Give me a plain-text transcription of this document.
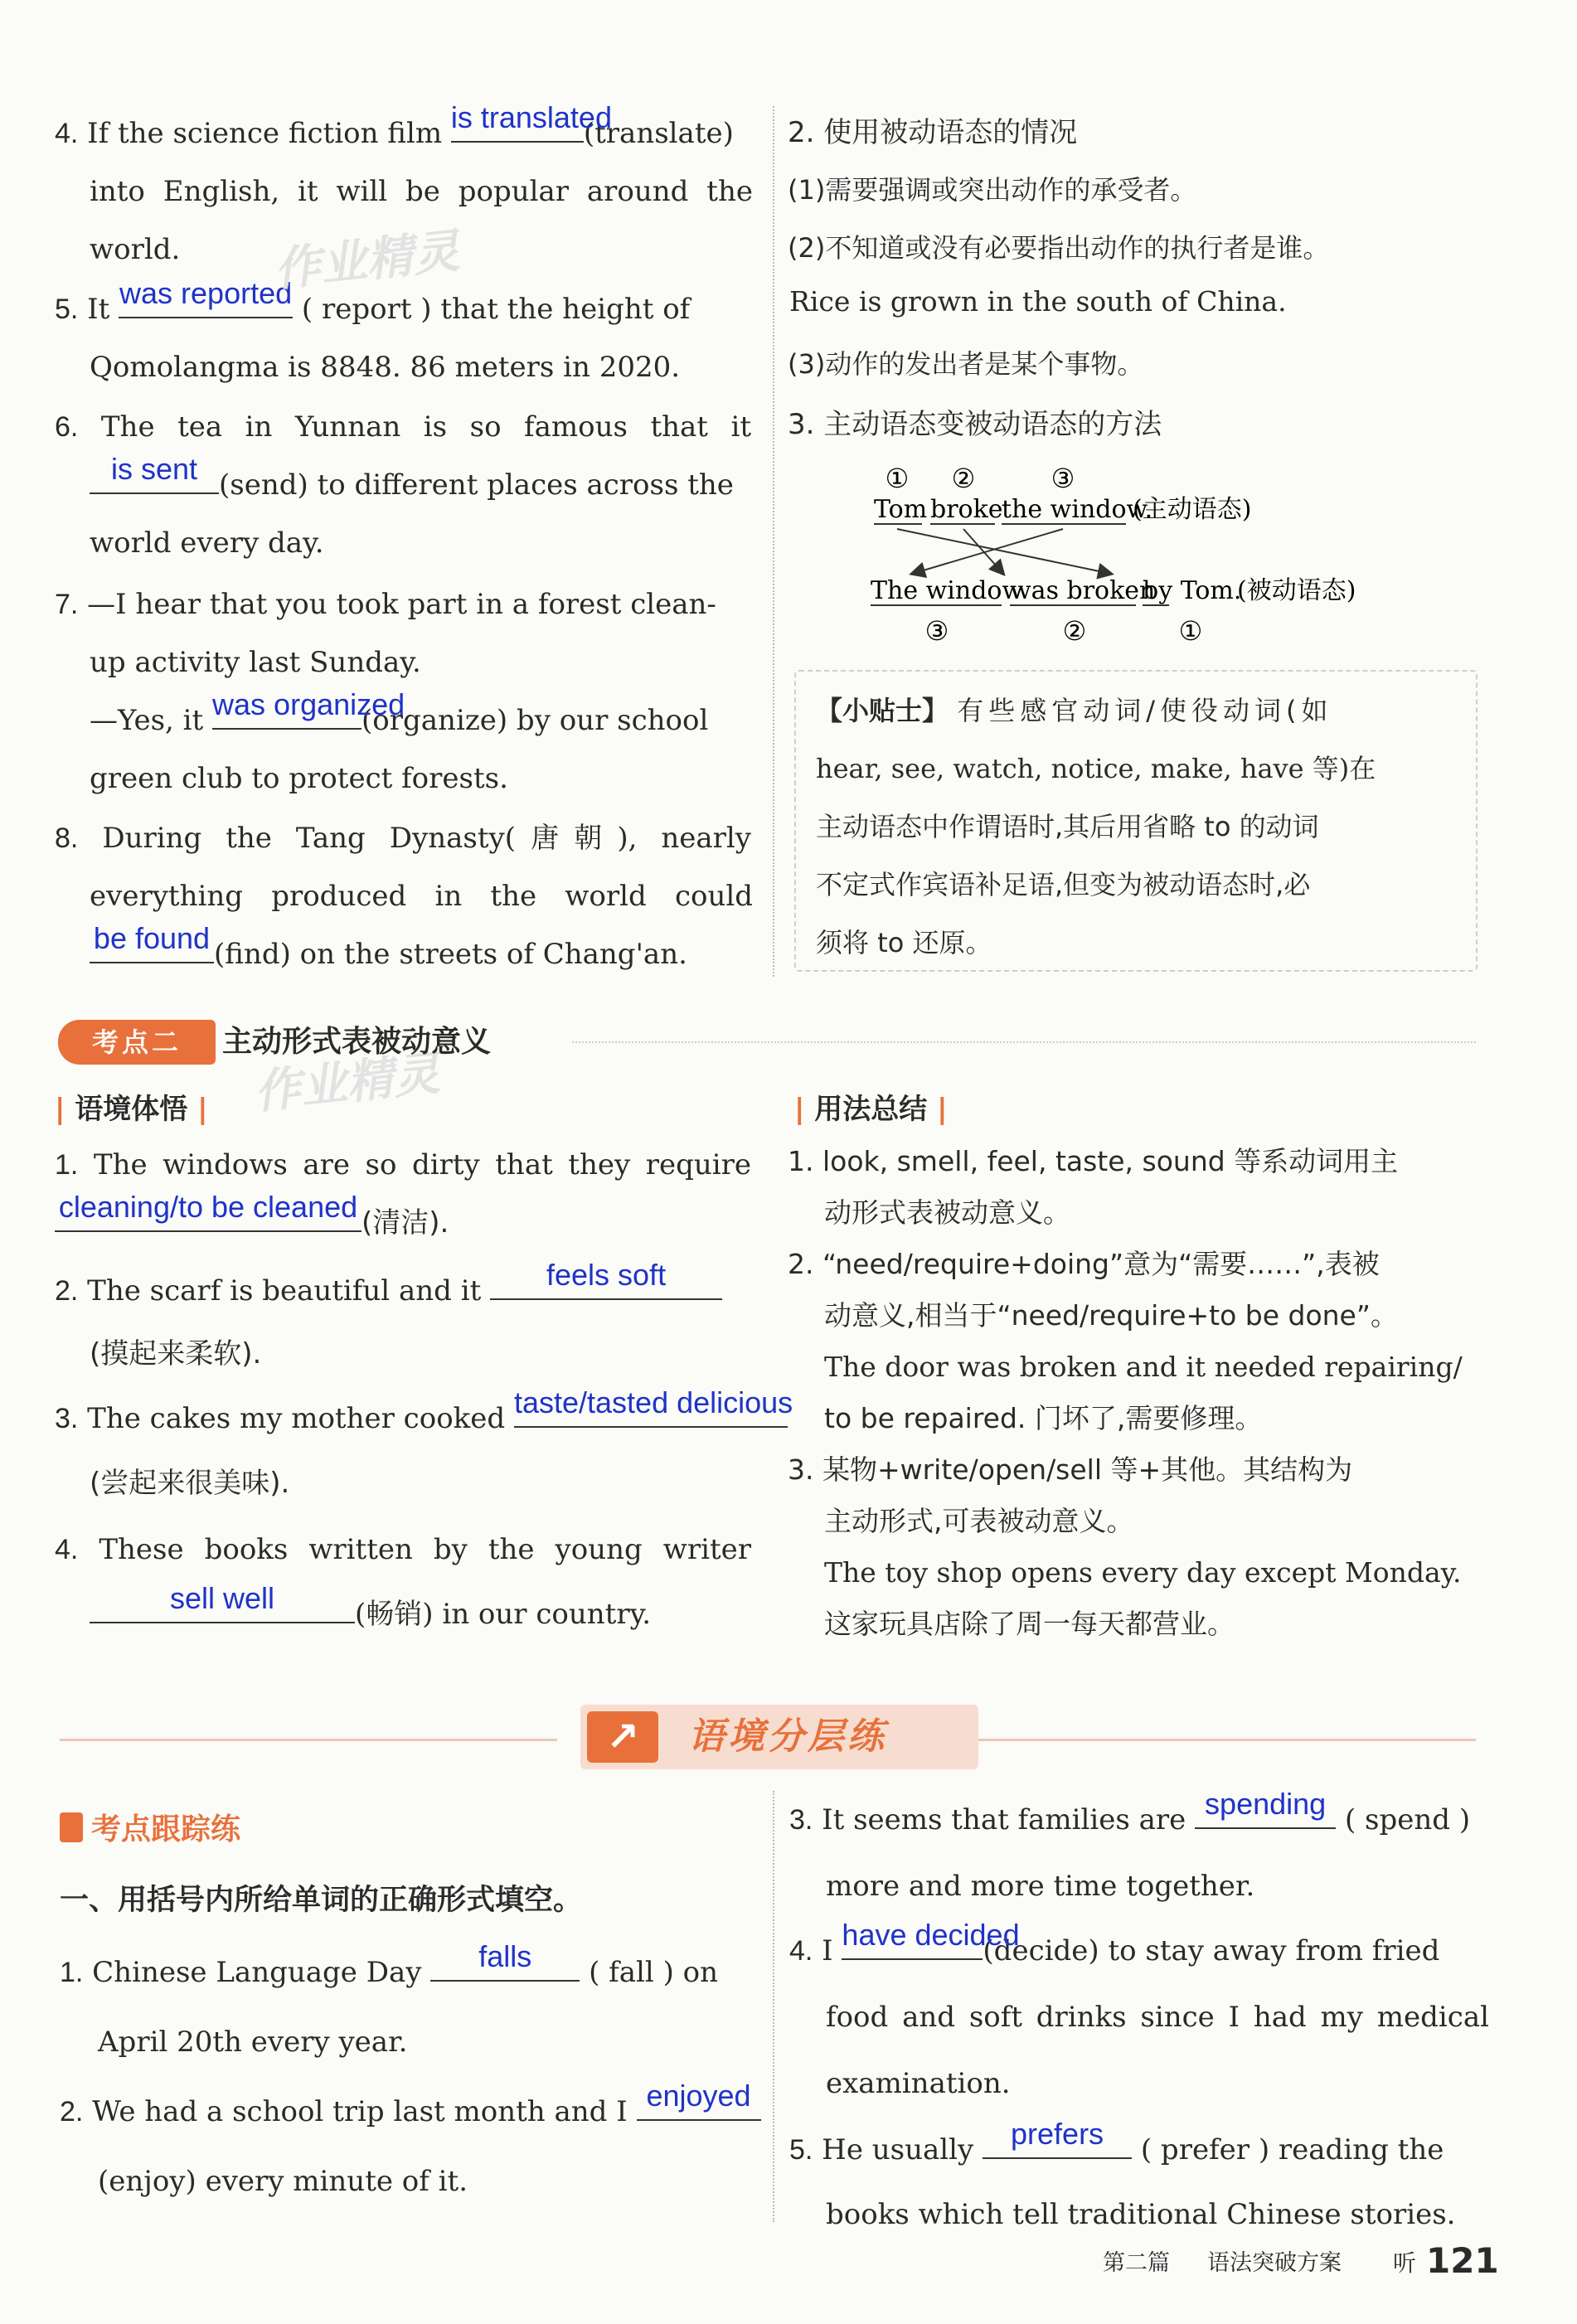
4. If the science fiction film is translated
(translate)
into English, it will be popular around the
world.
5. It was reported ( report ) that the height of
Qomolangma is 8848. 86 meters in 2020.
6. The tea in Yunnan is so famous that it
is sent (send) to different places across the
world every day.
7. —I hear that you took part in a forest clean-
up activity last Sunday.
—Yes, it was organized
(organize) by our school
green club to protect forests.
8. During the Tang Dynasty(唐朝), nearly
everything produced in the world could
be found (find) on the streets of Chang'an.
2. 使用被动语态的情况
(1)需要强调或突出动作的承受者。
(2)不知道或没有必要指出动作的执行者是谁。
Rice is grown in the south of China.
(3)动作的发出者是某个事物。
3. 主动语态变被动语态的方法
① ②	③
Tom broke
the window.
(主动语态)
The window
was broken
by Tom.
(被动语态)
③	②	①
【小贴士】 有些感官动词/使役动词(如
hear, see, watch, notice, make, have 等)在
主动语态中作谓语时,其后用省略 to 的动词
不定式作宾语补足语,但变为被动语态时,必
须将 to 还原。
作业精灵
作业精灵
考点二	主动形式表被动意义
| 语境体悟 |
1. The windows are so dirty that they require
cleaning/to be cleaned (清洁).
2. The scarf is beautiful and it	feels soft
(摸起来柔软).
3. The cakes my mother cooked taste/tasted delicious
(尝起来很美味).
4. These books written by the young writer
sell well	(畅销) in our country.
| 用法总结 |
1. look, smell, feel, taste, sound 等系动词用主
动形式表被动意义。
2. “need/require+doing”意为“需要……”,表被
动意义,相当于“need/require+to be done”。
The door was broken and it needed repairing/
to be repaired. 门坏了,需要修理。
3. 某物+write/open/sell 等+其他。其结构为
主动形式,可表被动意义。
The toy shop opens every day except Monday.
这家玩具店除了周一每天都营业。
↗	语境分层练
考点跟踪练
一、用括号内所给单词的正确形式填空。
1. Chinese Language Day	falls	( fall ) on
April 20th every year.
2. We had a school trip last month and I enjoyed
(enjoy) every minute of it.
3. It seems that families are spending ( spend )
more and more time together.
4. I have decided
(decide) to stay away from fried
food and soft drinks since I had my medical
examination.
5. He usually	prefers	( prefer ) reading the
books which tell traditional Chinese stories.
第二篇 语法突破方案 听 121
